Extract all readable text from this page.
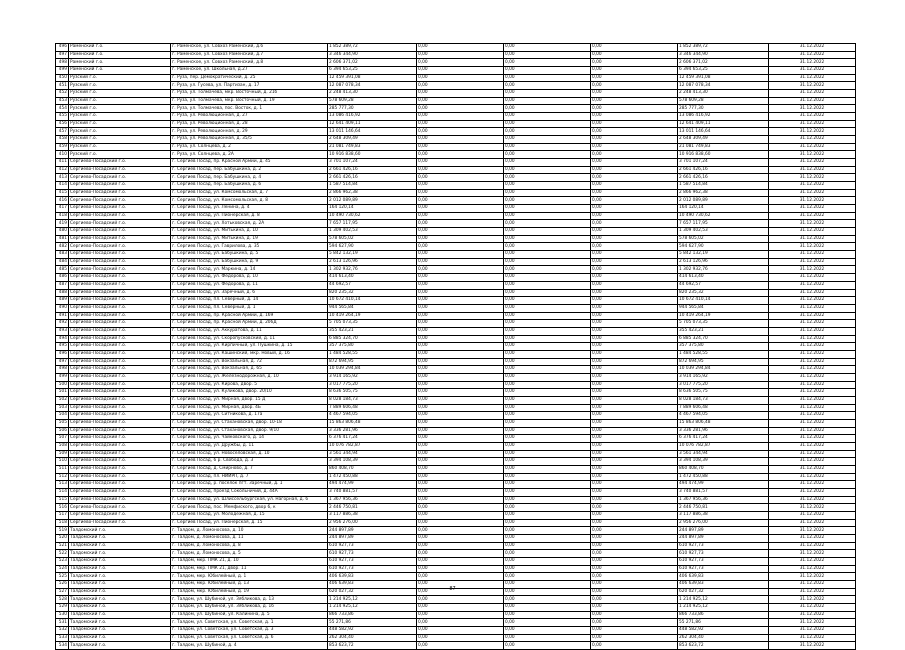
496	Раменский г.о.	г. Раменское, ул. Совхоз Раменский, д.6	1 852 389,72	0,00	0,00	0,00	1 852 389,72	31.12.2022
497	Раменский г.о.	г. Раменское, ул. Совхоз Раменский, д.7	3 346 344,90	0,00	0,00	0,00	3 346 344,90	31.12.2022
498	Раменский г.о.	г. Раменское, ул. Совхоз Раменский, д.8	2 606 371,02	0,00	0,00	0,00	2 606 371,02	31.12.2022
499	Раменский г.о.	г. Раменское, ул. Школьная, д.27	6 394 653,25	0,00	0,00	0,00	6 394 653,25	31.12.2022
450	Рузский г.о.	г. Руза, пер. Демократический, д. 25	12 459 391,08	0,00	0,00	0,00	12 459 391,08	31.12.2022
451	Рузский г.о.	г. Руза, ул. Гусева, ул. Партизан, д. 17	12 087 078,34	0,00	0,00	0,00	12 087 078,34	31.12.2022
452	Рузский г.о.	г. Руза, ул. Толмачева, мкр. Восточный, д. 21б	2 248 413,30	0,00	0,00	0,00	2 248 413,30	31.12.2022
453	Рузский г.о.	г. Руза, ул. Толмачева, мкр. Восточный, д. 19	578 609,28	0,00	0,00	0,00	578 609,28	31.12.2022
454	Рузский г.о.	г. Руза, ул. Толмачева, пос. Восток, д. 1	285 777,30	0,00	0,00	0,00	285 777,30	31.12.2022
455	Рузский г.о.	г. Руза, ул. Революционная, д. 27	13 086 416,92	0,00	0,00	0,00	13 086 416,92	31.12.2022
456	Рузский г.о.	г. Руза, ул. Революционная, д. 28	12 641 409,11	0,00	0,00	0,00	12 641 409,11	31.12.2022
457	Рузский г.о.	г. Руза, ул. Революционная, д. 29	13 011 146,64	0,00	0,00	0,00	13 011 146,64	31.12.2022
458	Рузский г.о.	г. Руза, ул. Революционная, д. 35/5	2 648 309,49	0,00	0,00	0,00	2 648 309,49	31.12.2022
459	Рузский г.о.	г. Руза, ул. Солнцева, д. 2	21 081 749,83	0,00	0,00	0,00	21 081 749,83	31.12.2022
410	Рузский г.о.	г. Руза, ул. Солнцева, д. 2А	10 916 838,60	0,00	0,00	0,00	10 916 838,60	31.12.2022
411	Сергиево-Посадский г.о.	г. Сергиев Посад, пр. Красной Армии, д. 45	3 701 107,24	0,00	0,00	0,00	3 701 107,24	31.12.2022
412	Сергиево-Посадский г.о.	г. Сергиев Посад, пер. Бабушкина, д. 2	2 661 426,16	0,00	0,00	0,00	2 661 426,16	31.12.2022
413	Сергиево-Посадский г.о.	г. Сергиев Посад, пер. Бабушкина, д. 4	2 661 426,16	0,00	0,00	0,00	2 661 426,16	31.12.2022
414	Сергиево-Посадский г.о.	г. Сергиев Посад, пер. Бабушкина, д. 6	1 587 514,84	0,00	0,00	0,00	1 587 514,84	31.12.2022
415	Сергиево-Посадский г.о.	г. Сергиев Посад, ул. Комсомольская, д. 7	2 866 962,38	0,00	0,00	0,00	2 866 962,38	31.12.2022
416	Сергиево-Посадский г.о.	г. Сергиев Посад, ул. Комсомольская, д. 8	2 012 089,89	0,00	0,00	0,00	2 012 089,89	31.12.2022
417	Сергиево-Посадский г.о.	г. Сергиев Посад, ул. Ленина, д. 4	164 120,14	0,00	0,00	0,00	164 120,14	31.12.2022
418	Сергиево-Посадский г.о.	г. Сергиев Посад, ул. Пионерская, д. 8	10 490 730,62	0,00	0,00	0,00	10 490 730,62	31.12.2022
419	Сергиево-Посадский г.о.	г. Сергиев Посад, ул. Хотьковская, д. 2А	7 657 117,95	0,00	0,00	0,00	7 657 117,95	31.12.2022
480	Сергиево-Посадский г.о.	г. Сергиев Посад, ул. Митькина, д. 10	1 309 402,53	0,00	0,00	0,00	1 309 402,53	31.12.2022
481	Сергиево-Посадский г.о.	г. Сергиев Посад, ул. Митькина, д. 19	578 605,02	0,00	0,00	0,00	578 605,02	31.12.2022
482	Сергиево-Посадский г.о.	г. Сергиев Посад, ул. Гаврилова, д. 35	594 627,90	0,00	0,00	0,00	594 627,90	31.12.2022
483	Сергиево-Посадский г.о.	г. Сергиев Посад, ул. Бабушкина, д. 5	5 842 132,19	0,00	0,00	0,00	5 842 132,19	31.12.2022
484	Сергиево-Посадский г.о.	г. Сергиев Посад, ул. Бабушкина, д. 9	2 613 126,96	0,00	0,00	0,00	2 613 126,96	31.12.2022
485	Сергиево-Посадский г.о.	г. Сергиев Посад, ул. Маркина, д. 14	1 302 932,76	0,00	0,00	0,00	1 302 932,76	31.12.2022
486	Сергиево-Посадский г.о.	г. Сергиев Посад, ул. Федорова, д. 10	414 613,40	0,00	0,00	0,00	414 613,40	31.12.2022
487	Сергиево-Посадский г.о.	г. Сергиев Посад, ул. Федорова, д. 11	44 692,57	0,00	0,00	0,00	44 692,57	31.12.2022
488	Сергиево-Посадский г.о.	г. Сергиев Посад, ул. Заречный, д. 6	820 235,32	0,00	0,00	0,00	820 235,32	31.12.2022
489	Сергиево-Посадский г.о.	г. Сергиев Посад, пл. Северный, д. 14	10 672 410,14	0,00	0,00	0,00	10 672 410,14	31.12.2022
490	Сергиево-Посадский г.о.	г. Сергиев Посад, пл. Северный, д. 1	944 565,84	0,00	0,00	0,00	944 565,84	31.12.2022
491	Сергиево-Посадский г.о.	г. Сергиев Посад, пр. Красной Армии, д. 169	10 419 264,19	0,00	0,00	0,00	10 419 264,19	31.12.2022
492	Сергиево-Посадский г.о.	г. Сергиев Посад, пр. Красной Армии, д. 206Д	5 705 073,35	0,00	0,00	0,00	5 705 073,35	31.12.2022
493	Сергиево-Посадский г.о.	г. Сергиев Посад, ул. Аккуратова, д. 11	355 423,21	0,00	0,00	0,00	355 423,21	31.12.2022
494	Сергиево-Посадский г.о.	г. Сергиев Посад, ул. Скоропусковский, д. 11	6 885 324,70	0,00	0,00	0,00	6 885 324,70	31.12.2022
495	Сергиево-Посадский г.о.	г. Сергиев Посад, ул. Кирпичный, ул. Пушкина, д. 15	357 375,80	0,00	0,00	0,00	357 375,80	31.12.2022
496	Сергиево-Посадский г.о.	г. Сергиев Посад, ул. Кашинский, мкр. Новый, д. 16	1 484 528,55	0,00	0,00	0,00	1 484 528,55	31.12.2022
497	Сергиево-Посадский г.о.	г. Сергиев Посад, ул. Вокзальная, д. 72	872 694,95	0,00	0,00	0,00	872 694,95	31.12.2022
498	Сергиево-Посадский г.о.	г. Сергиев Посад, ул. Вокзальная, д. 65	10 039 294,84	0,00	0,00	0,00	10 039 294,84	31.12.2022
499	Сергиево-Посадский г.о.	г. Сергиев Посад, ул. Железнодорожная, д. 10	3 914 165,92	0,00	0,00	0,00	3 914 165,92	31.12.2022
500	Сергиево-Посадский г.о.	г. Сергиев Посад, ул. Кирова, двор. 5	3 017 775,20	0,00	0,00	0,00	3 017 775,20	31.12.2022
501	Сергиево-Посадский г.о.	г. Сергиев Посад, ул. Куликова, двор. 20/10	8 636 505,75	0,00	0,00	0,00	8 636 505,75	31.12.2022
502	Сергиево-Посадский г.о.	г. Сергиев Посад, ул. Мирная, двор. 15 Д	8 028 184,73	0,00	0,00	0,00	8 028 184,73	31.12.2022
503	Сергиево-Посадский г.о.	г. Сергиев Посад, ул. Мирная, двор. 4Б	7 889 606,48	0,00	0,00	0,00	7 889 606,48	31.12.2022
504	Сергиево-Посадский г.о.	г. Сергиев Посад, ул. Ситникова, д. 17а	4 467 594,05	0,00	0,00	0,00	4 467 594,05	31.12.2022
505	Сергиево-Посадский г.о.	г. Сергиев Посад, ул. Стахановская, двор. 10-18	15 863 806,48	0,00	0,00	0,00	15 863 806,48	31.12.2022
506	Сергиево-Посадский г.о.	г. Сергиев Посад, ул. Стахановская, двор. 9/10	3 336 281,96	0,00	0,00	0,00	3 336 281,96	31.12.2022
507	Сергиево-Посадский г.о.	г. Сергиев Посад, ул. Чайковского, д. 14	6 376 417,24	0,00	0,00	0,00	6 376 417,24	31.12.2022
508	Сергиево-Посадский г.о.	г. Сергиев Посад, ул. Дружбы, д. 11	10 076 782,87	0,00	0,00	0,00	10 076 782,87	31.12.2022
509	Сергиево-Посадский г.о.	г. Сергиев Посад, ул. Новоселовская, д. 10	3 561 344,94	0,00	0,00	0,00	3 561 344,94	31.12.2022
510	Сергиево-Посадский г.о.	г. Сергиев Посад, 6 р. Свобода, д. 3	3 394 108,39	0,00	0,00	0,00	3 394 108,39	31.12.2022
511	Сергиево-Посадский г.о.	г. Сергиев Посад, д. Смирново, д. 7	860 408,70	0,00	0,00	0,00	860 408,70	31.12.2022
512	Сергиево-Посадский г.о.	г. Сергиев Посад, пл. НИИРП, д. 7	1 472 450,88	0,00	0,00	0,00	1 472 450,88	31.12.2022
513	Сергиево-Посадский г.о.	г. Сергиев Посад, р. поселок пгт. Заречный, д. 1	494 474,99	0,00	0,00	0,00	494 474,99	31.12.2022
514	Сергиево-Посадский г.о.	г. Сергиев Посад, проезд Сокольничий, д. 44А	3 740 881,57	0,00	0,00	0,00	3 740 881,57	31.12.2022
515	Сергиево-Посадский г.о.	г. Сергиев Посад, ул. Шлиссельбургская, ул. Нагорная, д. 6	1 367 956,36	0,00	0,00	0,00	1 367 956,36	31.12.2022
516	Сергиево-Посадский г.о.	г. Сергиев Посад, пос. Мемфиского, двор 6, к	2 446 750,81	0,00	0,00	0,00	2 446 750,81	31.12.2022
517	Сергиево-Посадский г.о.	г. Сергиев Посад, ул. Молодежная, д. 15	3 117 886,38	0,00	0,00	0,00	3 117 886,38	31.12.2022
518	Сергиево-Посадский г.о.	г. Сергиев Посад, ул. Пионерская, д. 15	2 956 276,00	0,00	0,00	0,00	2 956 276,00	31.12.2022
519	Талдомский г.о.	г. Талдом, д. Ломоносова, д. 10	244 897,89	0,00	0,00	0,00	244 897,89	31.12.2022
520	Талдомский г.о.	г. Талдом, д. Ломоносова, д. 11	244 897,89	0,00	0,00	0,00	244 897,89	31.12.2022
521	Талдомский г.о.	г. Талдом, д. Ломоносова, д. 8	610 927,73	0,00	0,00	0,00	610 927,73	31.12.2022
522	Талдомский г.о.	г. Талдом, д. Ломоносова, д. 5	610 927,73	0,00	0,00	0,00	610 927,73	31.12.2022
523	Талдомский г.о.	г. Талдом, мкр. ПМК 21, д. 10	610 927,73	0,00	0,00	0,00	610 927,73	31.12.2022
524	Талдомский г.о.	г. Талдом, мкр. ПМК 21, двор. 11	610 927,73	0,00	0,00	0,00	610 927,73	31.12.2022
525	Талдомский г.о.	г. Талдом, мкр. Юбилейный, д. 1	406 639,83	0,00	0,00	0,00	406 639,83	31.12.2022
526	Талдомский г.о.	г. Талдом, мкр. Юбилейный, д. 13	406 639,83	0,00	0,00	0,00	406 639,83	31.12.2022
527	Талдомский г.о.	г. Талдом, мкр. Юбилейный, д. 19	620 027,32	0,00	0,00	0,00	620 027,32	31.12.2022
528	Талдомский г.о.	г. Талдом, ул. Шубиной, ул. Зябликова, д. 13	1 214 925,12	0,00	0,00	0,00	1 214 925,12	31.12.2022
529	Талдомский г.о.	г. Талдом, ул. Шубиной, ул. Зябликова, д. 1б	1 214 925,12	0,00	0,00	0,00	1 214 925,12	31.12.2022
530	Талдомский г.о.	г. Талдом, ул. Шубиной, ул. Калинина, д. 5	866 733,86	0,00	0,00	0,00	866 733,86	31.12.2022
531	Талдомский г.о.	г. Талдом, ул. Советская, ул. Советская, д. 1	55 271,86	0,00	0,00	0,00	55 271,86	31.12.2022
532	Талдомский г.о.	г. Талдом, ул. Советская, ул. Советская, д. 3	448 582,92	0,00	0,00	0,00	448 582,92	31.12.2022
533	Талдомский г.о.	г. Талдом, ул. Советская, ул. Советская, д. 6	262 304,40	0,00	0,00	0,00	262 304,40	31.12.2022
534	Талдомский г.о.	г. Талдом, ул. Шубиной, д. 4	853 623,72	0,00	0,00	0,00	853 623,72	31.12.2022
87
